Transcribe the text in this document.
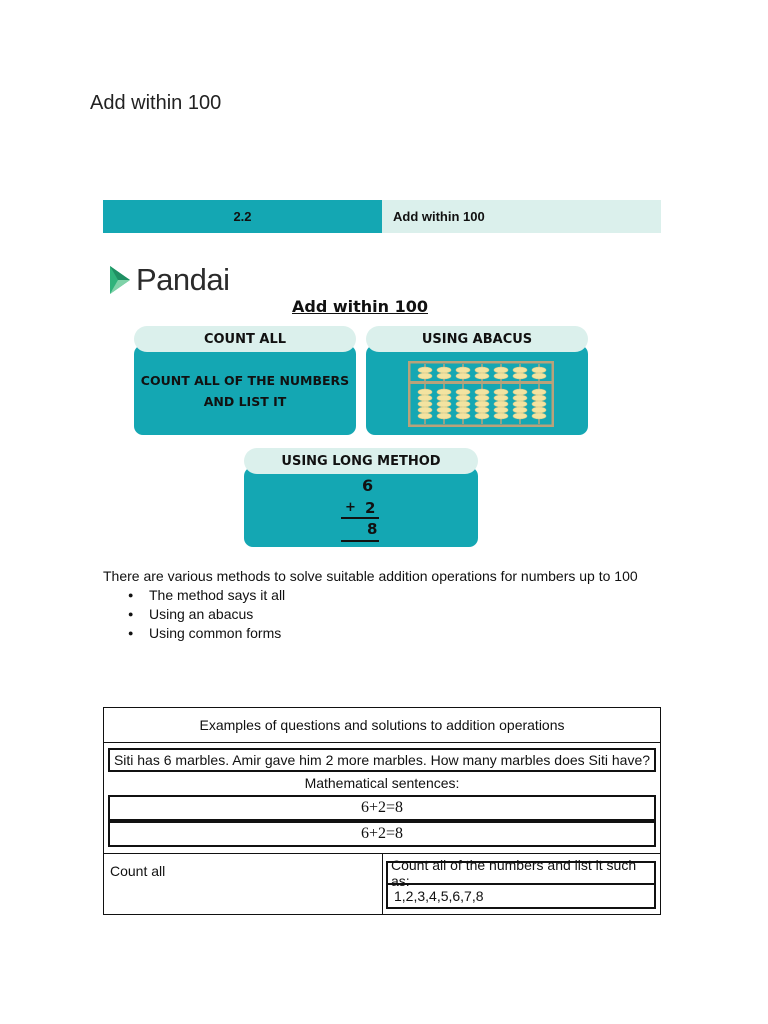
Add within 100
2.2	Add within 100
Pandai
Add within 100
COUNT ALL
COUNT ALL OF THE NUMBERS
AND LIST IT
USING ABACUS
USING LONG METHOD
6
+ 2
8
There are various methods to solve suitable addition operations for numbers up to 100
● The method says it all
● Using an abacus
● Using common forms
Examples of questions and solutions to addition operations
Siti has 6 marbles. Amir gave him 2 more marbles. How many marbles does Siti have?
Mathematical sentences:
6+2=8
6+2=8
Count all	Count all of the numbers and list it such as:
1,2,3,4,5,6,7,8
